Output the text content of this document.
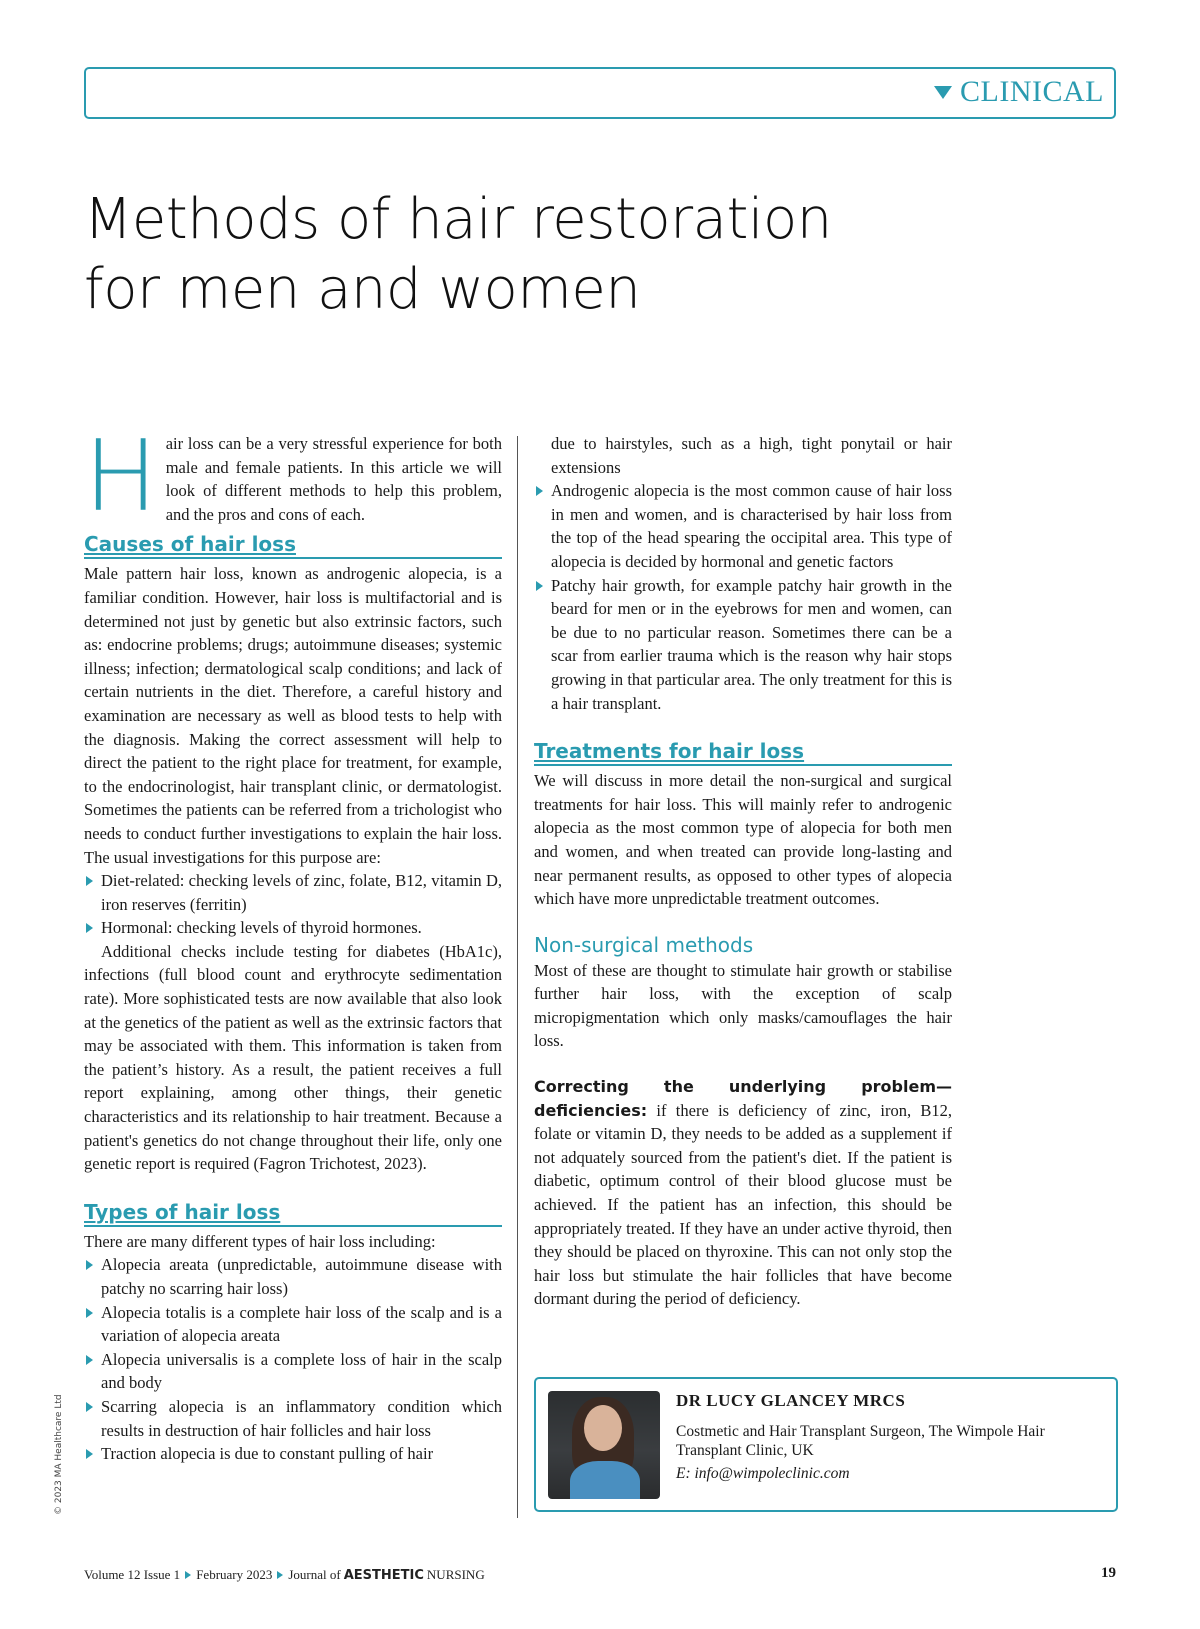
CLINICAL
Methods of hair restoration
for men and women

H air loss can be a very stressful experience for both male and female patients. In this article we will look of different methods to help this problem, and the pros and cons of each.

Causes of hair loss

Male pattern hair loss, known as androgenic alopecia, is a familiar condition. However, hair loss is multifactorial and is determined not just by genetic but also extrinsic factors, such as: endocrine problems; drugs; autoimmune diseases; systemic illness; infection; dermatological scalp conditions; and lack of certain nutrients in the diet. Therefore, a careful history and examination are necessary as well as blood tests to help with the diagnosis. Making the correct assessment will help to direct the patient to the right place for treatment, for example, to the endocrinologist, hair transplant clinic, or dermatologist. Sometimes the patients can be referred from a trichologist who needs to conduct further investigations to explain the hair loss. The usual investigations for this purpose are:

Diet-related: checking levels of zinc, folate, B12, vitamin D, iron reserves (ferritin)
Hormonal: checking levels of thyroid hormones.

Additional checks include testing for diabetes (HbA1c), infections (full blood count and erythrocyte sedimentation rate). More sophisticated tests are now available that also look at the genetics of the patient as well as the extrinsic factors that may be associated with them. This information is taken from the patient’s history. As a result, the patient receives a full report explaining, among other things, their genetic characteristics and its relationship to hair treatment. Because a patient's genetics do not change throughout their life, only one genetic report is required (Fagron Trichotest, 2023).

Types of hair loss

There are many different types of hair loss including:

Alopecia areata (unpredictable, autoimmune disease with patchy no scarring hair loss)
Alopecia totalis is a complete hair loss of the scalp and is a variation of alopecia areata
Alopecia universalis is a complete loss of hair in the scalp and body
Scarring alopecia is an inflammatory condition which results in destruction of hair follicles and hair loss
Traction alopecia is due to constant pulling of hair

due to hairstyles, such as a high, tight ponytail or hair extensions

Androgenic alopecia is the most common cause of hair loss in men and women, and is characterised by hair loss from the top of the head spearing the occipital area. This type of alopecia is decided by hormonal and genetic factors
Patchy hair growth, for example patchy hair growth in the beard for men or in the eyebrows for men and women, can be due to no particular reason. Sometimes there can be a scar from earlier trauma which is the reason why hair stops growing in that particular area. The only treatment for this is a hair transplant.
Treatments for hair loss

We will discuss in more detail the non-surgical and surgical treatments for hair loss. This will mainly refer to androgenic alopecia as the most common type of alopecia for both men and women, and when treated can provide long-lasting and near permanent results, as opposed to other types of alopecia which have more unpredictable treatment outcomes.

Non-surgical methods

Most of these are thought to stimulate hair growth or stabilise further hair loss, with the exception of scalp micropigmentation which only masks/camouflages the hair loss.

Correcting the underlying problem—deficiencies: if there is deficiency of zinc, iron, B12, folate or vitamin D, they needs to be added as a supplement if not adquately sourced from the patient's diet. If the patient is diabetic, optimum control of their blood glucose must be achieved. If the patient has an infection, this should be appropriately treated. If they have an under active thyroid, then they should be placed on thyroxine. This can not only stop the hair loss but stimulate the hair follicles that have become dormant during the period of deficiency.

DR LUCY GLANCEY MRCS
Costmetic and Hair Transplant Surgeon, The Wimpole Hair Transplant Clinic, UK
E: info@wimpoleclinic.com
© 2023 MA Healthcare Ltd
Volume 12 Issue 1 February 2023 Journal of AESTHETIC NURSING	19
